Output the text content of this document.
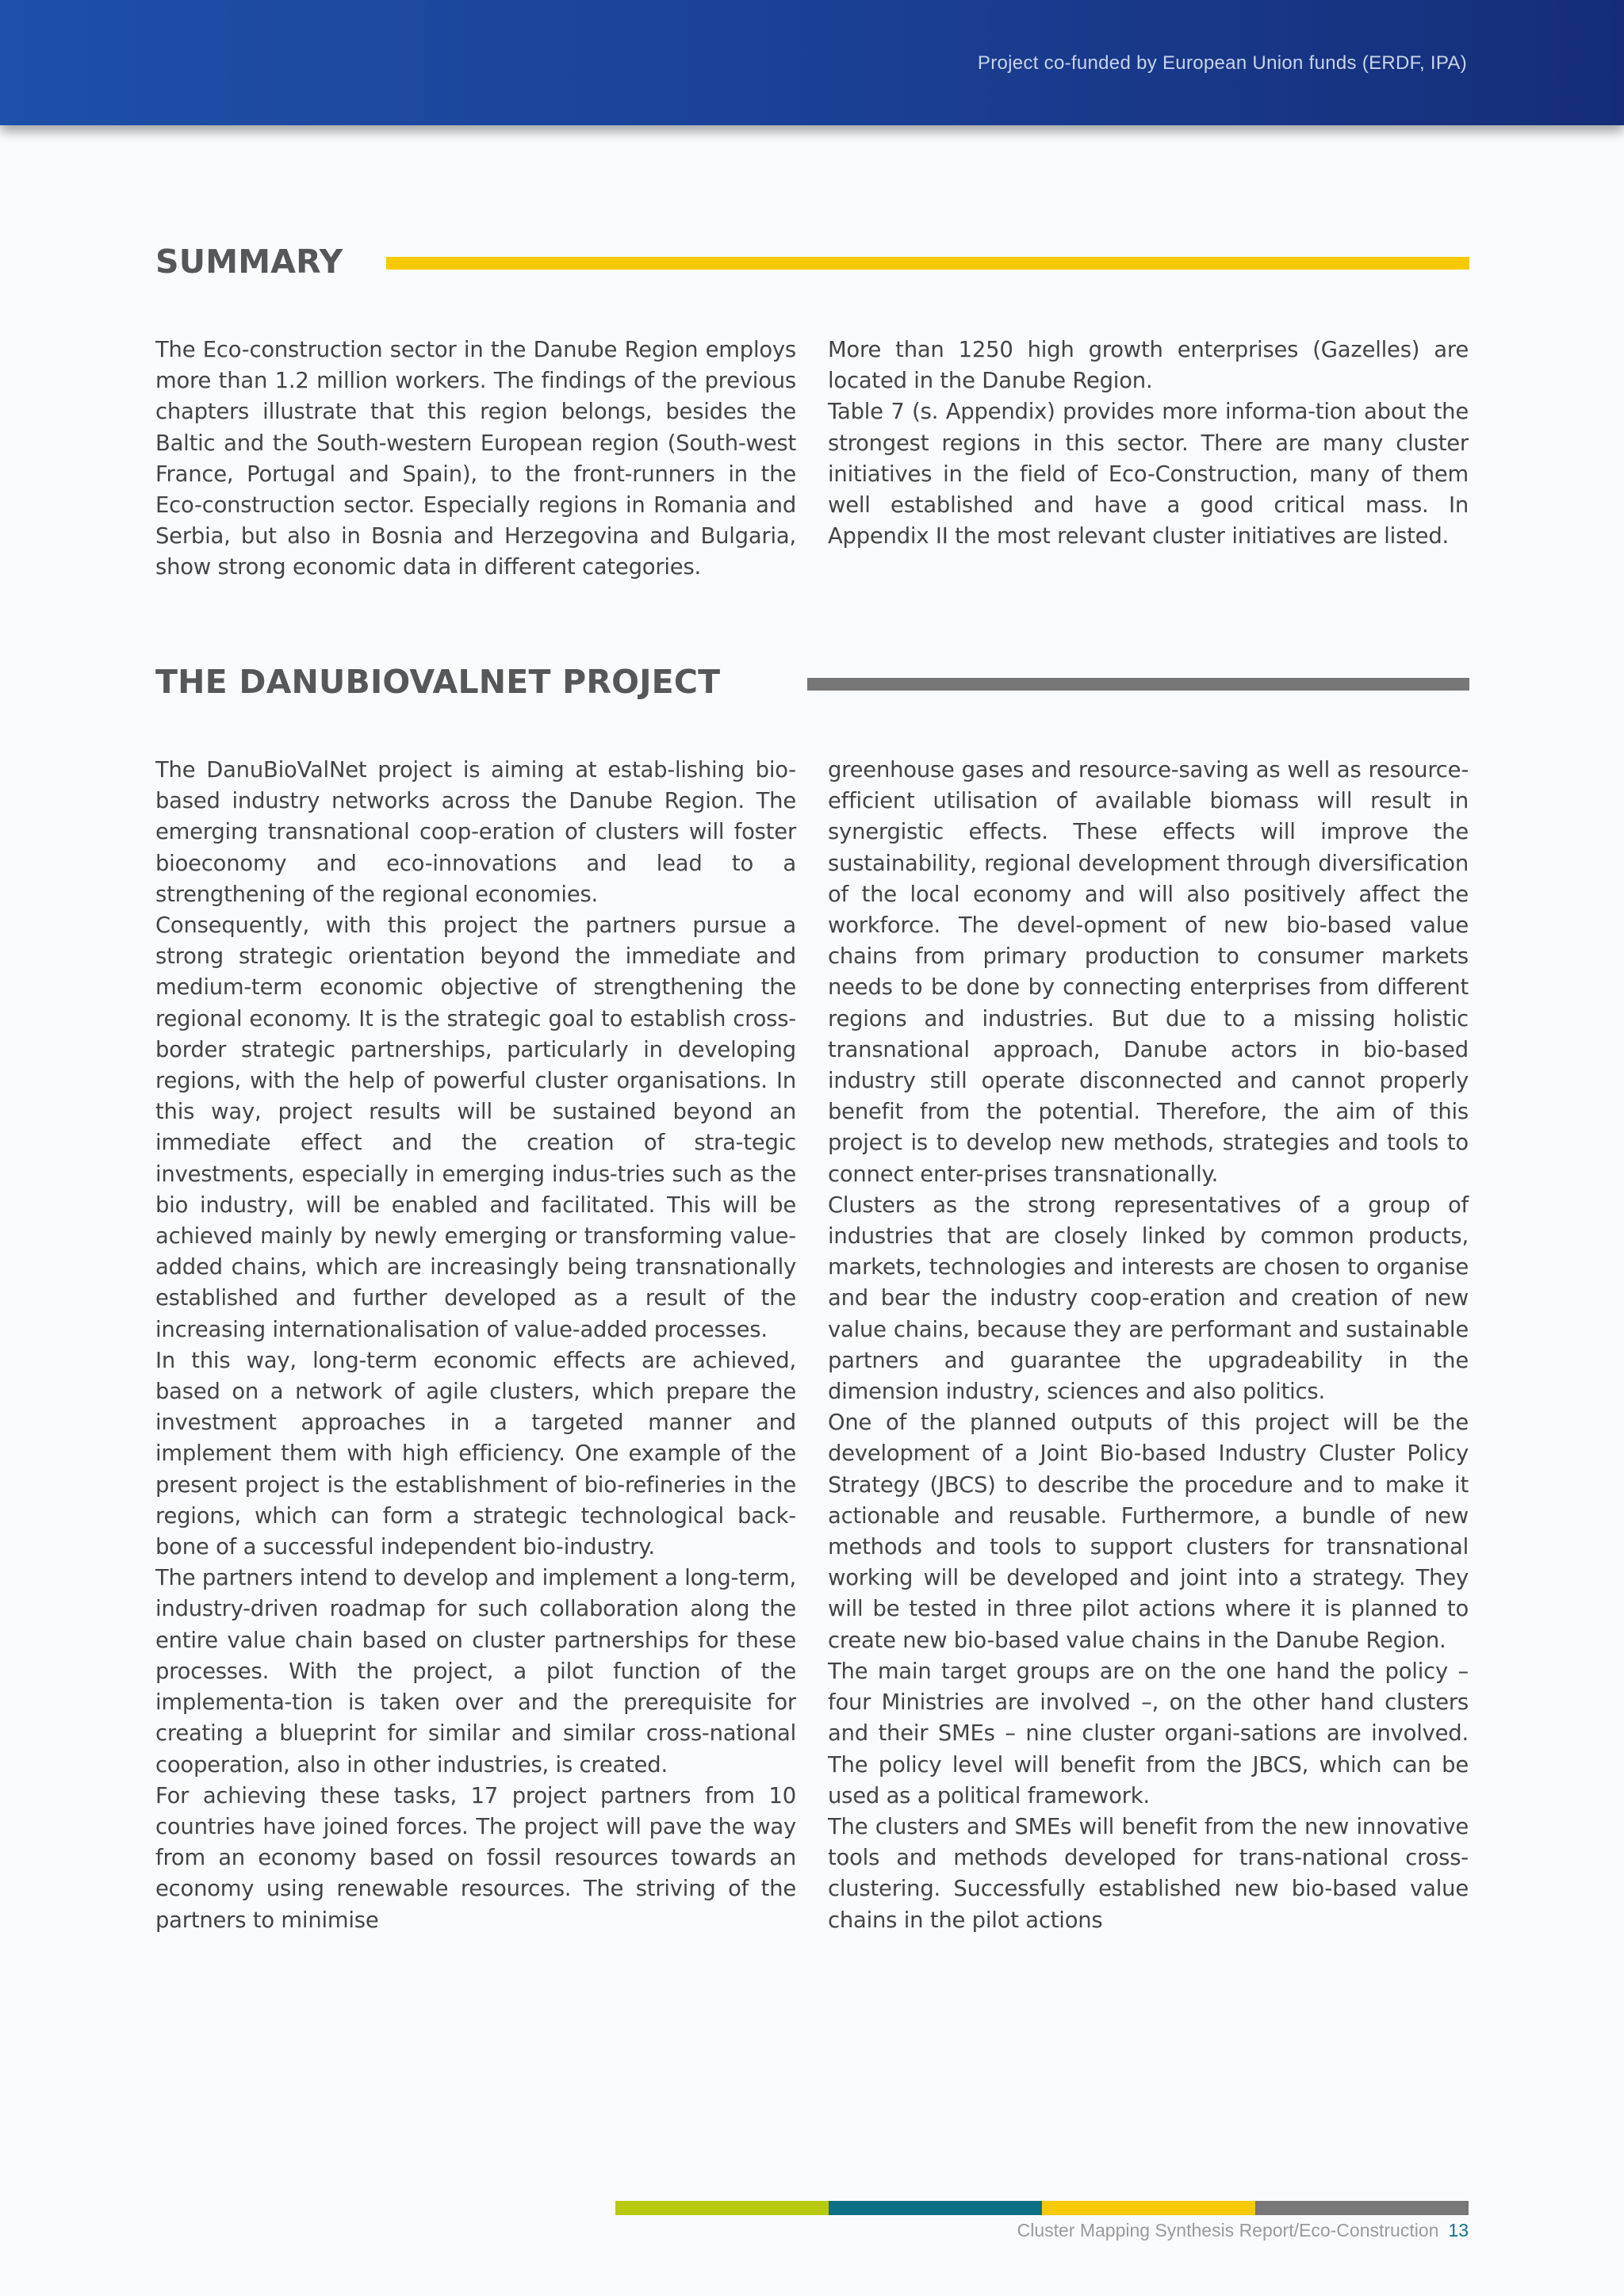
Project co-funded by European Union funds (ERDF, IPA)
SUMMARY

The Eco-construction sector in the Danube Region employs more than 1.2 million workers. The findings of the previous chapters illustrate that this region belongs, besides the Baltic and the South-western European region (South-west France, Portugal and Spain), to the front-runners in the Eco-construction sector. Especially regions in Romania and Serbia, but also in Bosnia and Herzegovina and Bulgaria, show strong economic data in different categories.

More than 1250 high growth enterprises (Gazelles) are located in the Danube Region.

Table 7 (s. Appendix) provides more informa-tion about the strongest regions in this sector. There are many cluster initiatives in the field of Eco-Construction, many of them well established and have a good critical mass. In Appendix II the most relevant cluster initiatives are listed.

THE DANUBIOVALNET PROJECT

The DanuBioValNet project is aiming at estab-lishing bio-based industry networks across the Danube Region. The emerging transnational coop-eration of clusters will foster bioeconomy and eco-innovations and lead to a strengthening of the regional economies.

Consequently, with this project the partners pursue a strong strategic orientation beyond the immediate and medium-term economic objective of strengthening the regional economy. It is the strategic goal to establish cross-border strategic partnerships, particularly in developing regions, with the help of powerful cluster organisations. In this way, project results will be sustained beyond an immediate effect and the creation of stra-tegic investments, especially in emerging indus-tries such as the bio industry, will be enabled and facilitated. This will be achieved mainly by newly emerging or transforming value-added chains, which are increasingly being transnationally established and further developed as a result of the increasing internationalisation of value-added processes.

In this way, long-term economic effects are achieved, based on a network of agile clusters, which prepare the investment approaches in a targeted manner and implement them with high efficiency. One example of the present project is the establishment of bio-refineries in the regions, which can form a strategic technological back-bone of a successful independent bio-industry.

The partners intend to develop and implement a long-term, industry-driven roadmap for such collaboration along the entire value chain based on cluster partnerships for these processes. With the project, a pilot function of the implementa-tion is taken over and the prerequisite for creating a blueprint for similar and similar cross-national cooperation, also in other industries, is created.

For achieving these tasks, 17 project partners from 10 countries have joined forces. The project will pave the way from an economy based on fossil resources towards an economy using renewable resources. The striving of the partners to minimise

greenhouse gases and resource-saving as well as resource-efficient utilisation of available biomass will result in synergistic effects. These effects will improve the sustainability, regional development through diversification of the local economy and will also positively affect the workforce. The devel-opment of new bio-based value chains from primary production to consumer markets needs to be done by connecting enterprises from different regions and industries. But due to a missing holistic transnational approach, Danube actors in bio-based industry still operate disconnected and cannot properly benefit from the potential. Therefore, the aim of this project is to develop new methods, strategies and tools to connect enter-prises transnationally.

Clusters as the strong representatives of a group of industries that are closely linked by common products, markets, technologies and interests are chosen to organise and bear the industry coop-eration and creation of new value chains, because they are performant and sustainable partners and guarantee the upgradeability in the dimension industry, sciences and also politics.

One of the planned outputs of this project will be the development of a Joint Bio-based Industry Cluster Policy Strategy (JBCS) to describe the procedure and to make it actionable and reusable. Furthermore, a bundle of new methods and tools to support clusters for transnational working will be developed and joint into a strategy. They will be tested in three pilot actions where it is planned to create new bio-based value chains in the Danube Region.

The main target groups are on the one hand the policy – four Ministries are involved –, on the other hand clusters and their SMEs – nine cluster organi-sations are involved. The policy level will benefit from the JBCS, which can be used as a political framework.

The clusters and SMEs will benefit from the new innovative tools and methods developed for trans-national cross-clustering. Successfully established new bio-based value chains in the pilot actions

Cluster Mapping Synthesis Report/Eco-Construction 13
